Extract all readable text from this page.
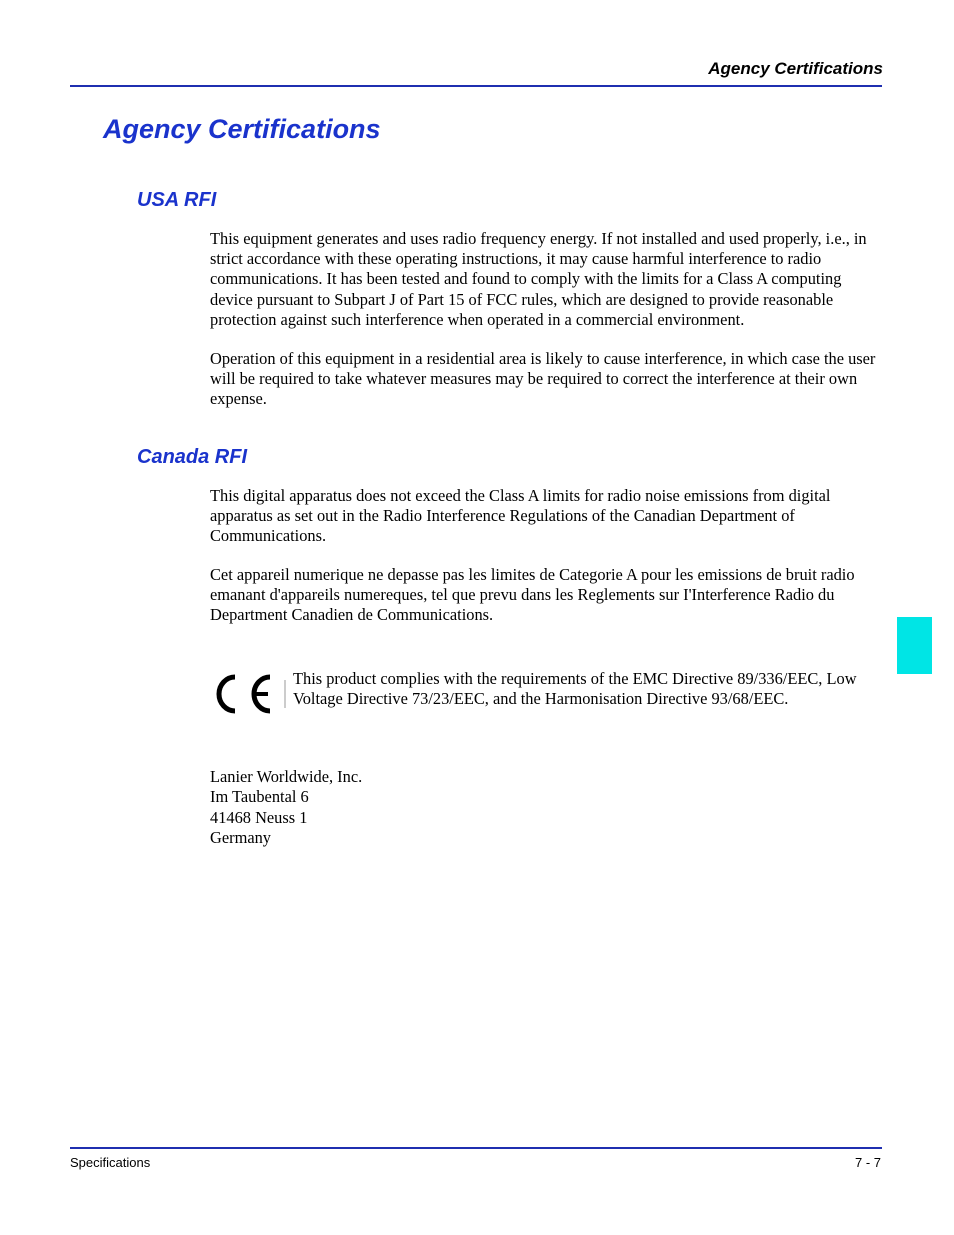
Agency Certifications
Agency Certifications
USA RFI

This equipment generates and uses radio frequency energy. If not installed and used properly, i.e., in strict accordance with these operating instructions, it may cause harmful interference to radio communications. It has been tested and found to comply with the limits for a Class A computing device pursuant to Subpart J of Part 15 of FCC rules, which are designed to provide reasonable protection against such interference when operated in a commercial environment.

Operation of this equipment in a residential area is likely to cause interference, in which case the user will be required to take whatever measures may be required to correct the interference at their own expense.

Canada RFI

This digital apparatus does not exceed the Class A limits for radio noise emissions from digital apparatus as set out in the Radio Interference Regulations of the Canadian Department of Communications.

Cet appareil numerique ne depasse pas les limites de Categorie A pour les emissions de bruit radio emanant d'appareils numereques, tel que prevu dans les Reglements sur I'Interference Radio du Department Canadien de Communications.

This product complies with the requirements of the EMC Directive 89/336/EEC, Low Voltage Directive 73/23/EEC, and the Harmonisation Directive 93/68/EEC.

Lanier Worldwide, Inc.
Im Taubental 6
41468 Neuss 1
Germany
Specifications	7 - 7
